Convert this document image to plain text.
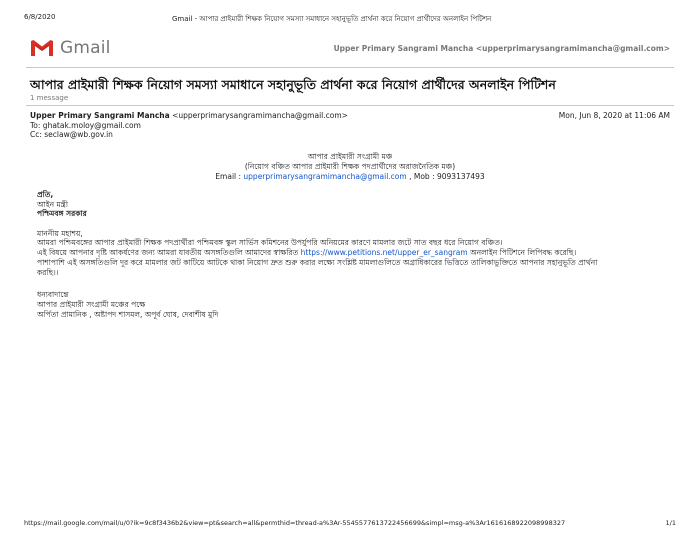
6/8/2020	Gmail - আপার প্রাইমারী শিক্ষক নিয়োগ সমস্যা সমাধানে সহানুভূতি প্রার্থনা করে নিয়োগ প্রার্থীদের অনলাইন পিটিশন
Gmail	Upper Primary Sangrami Mancha <upperprimarysangramimancha@gmail.com>
আপার প্রাইমারী শিক্ষক নিয়োগ সমস্যা সমাধানে সহানুভূতি প্রার্থনা করে নিয়োগ প্রার্থীদের অনলাইন পিটিশন
1 message
Upper Primary Sangrami Mancha <upperprimarysangramimancha@gmail.com>	Mon, Jun 8, 2020 at 11:06 AM
To: ghatak.moloy@gmail.com
Cc: seclaw@wb.gov.in
আপার প্রাইমারী সংগ্রামী মঞ্চ
(নিয়োগ বঞ্চিত আপার প্রাইমারী শিক্ষক পদপ্রার্থীদের অরাজনৈতিক মঞ্চ)
Email : upperprimarysangramimancha@gmail.com , Mob : 9093137493
প্রতি,
আইন মন্ত্রী
পশ্চিমবঙ্গ সরকার
মাননীয় মহাশয়,
আমরা পশ্চিমবঙ্গের আপার প্রাইমারী শিক্ষক পদপ্রার্থীরা পশ্চিমবঙ্গ স্কুল সার্ভিস কমিশনের উপর্যুপরি অনিয়মের কারণে মামলার জটে সাত বছর ধরে নিয়োগ বঞ্চিত।
এই বিষয়ে আপনার দৃষ্টি আকর্ষণের জন্য আমরা যাবতীয় অসঙ্গতিগুলি আমাদের স্বাক্ষরিত https://www.petitions.net/upper_er_sangram অনলাইন পিটিশনে লিপিবদ্ধ করেছি।
পাশাপাশি এই অসঙ্গতিগুলি দূর করে মামলার জট কাটিয়ে আটকে থাকা নিয়োগ দ্রুত শুরু করার লক্ষ্যে সংশ্লিষ্ট মামলাগুলিতে অগ্রাধিকারের ভিত্তিতে তালিকাভুক্তিতে আপনার সহানুভূতি প্রার্থনা
করছি।।
ধন্যবাদান্তে
আপার প্রাইমারী সংগ্রামী মঞ্চের পক্ষে
অর্পিতা প্রামানিক , অষ্টাপদ শাসমল, অপূর্ব ঘোষ, দেবাশীষ মুদি
https://mail.google.com/mail/u/0?ik=9c8f3436b2&view=pt&search=all&permthid=thread-a%3Ar-5545577613722456699&simpl=msg-a%3Ar1616168922098998327	1/1
